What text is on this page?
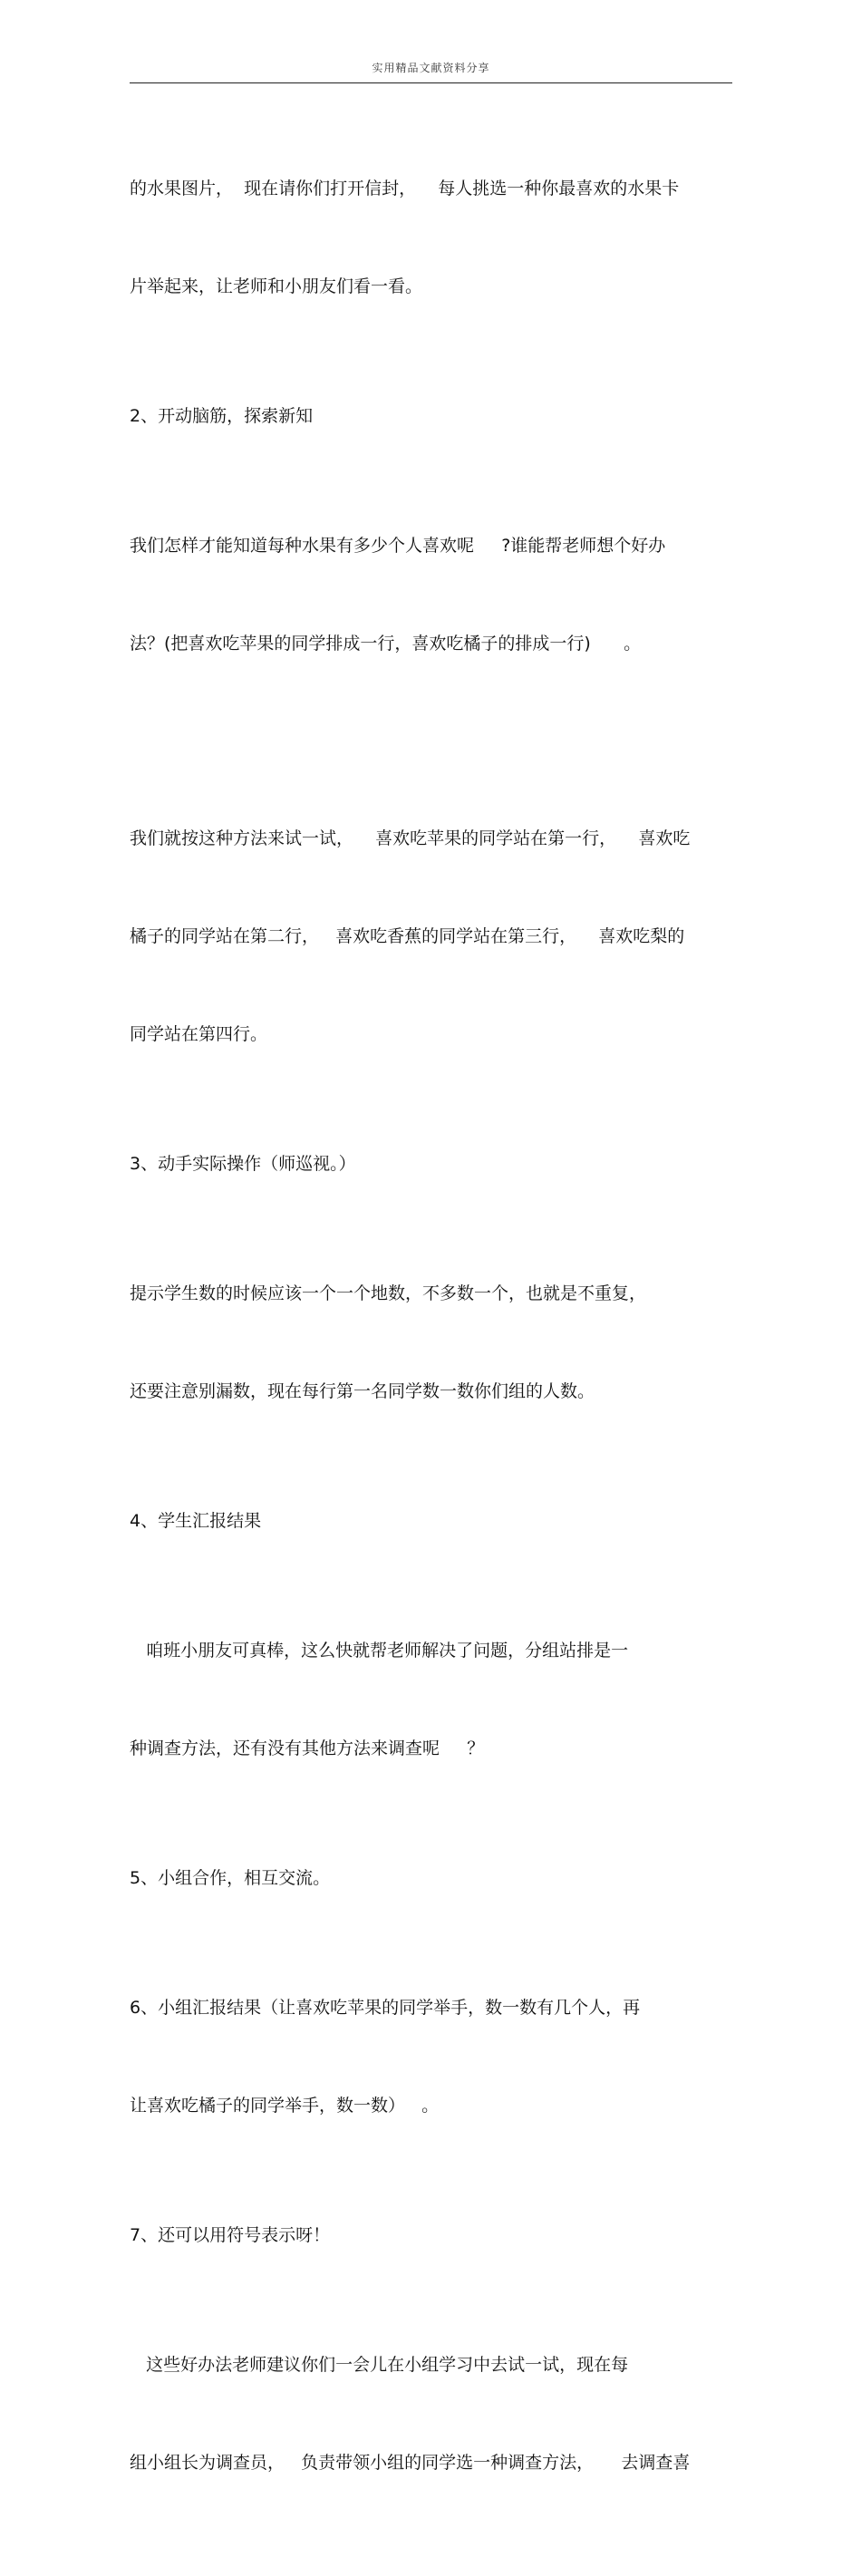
实用精品文献资料分享

的水果图片，  现在请你们打开信封，    每人挑选一种你最喜欢的水果卡

片举起来，让老师和小朋友们看一看。

2、开动脑筋，探索新知

我们怎样才能知道每种水果有多少个人喜欢呢     ?谁能帮老师想个好办

法？(把喜欢吃苹果的同学排成一行，喜欢吃橘子的排成一行)      。

我们就按这种方法来试一试，    喜欢吃苹果的同学站在第一行，    喜欢吃

橘子的同学站在第二行，   喜欢吃香蕉的同学站在第三行，    喜欢吃梨的

同学站在第四行。

3、动手实际操作（师巡视。）

提示学生数的时候应该一个一个地数，不多数一个，也就是不重复，

还要注意别漏数，现在每行第一名同学数一数你们组的人数。

4、学生汇报结果

咱班小朋友可真棒，这么快就帮老师解决了问题，分组站排是一

种调查方法，还有没有其他方法来调查呢     ？

5、小组合作，相互交流。

6、小组汇报结果（让喜欢吃苹果的同学举手，数一数有几个人，再

让喜欢吃橘子的同学举手，数一数）   。

7、还可以用符号表示呀！

这些好办法老师建议你们一会儿在小组学习中去试一试，现在每

组小组长为调查员，   负责带领小组的同学选一种调查方法，     去调查喜
